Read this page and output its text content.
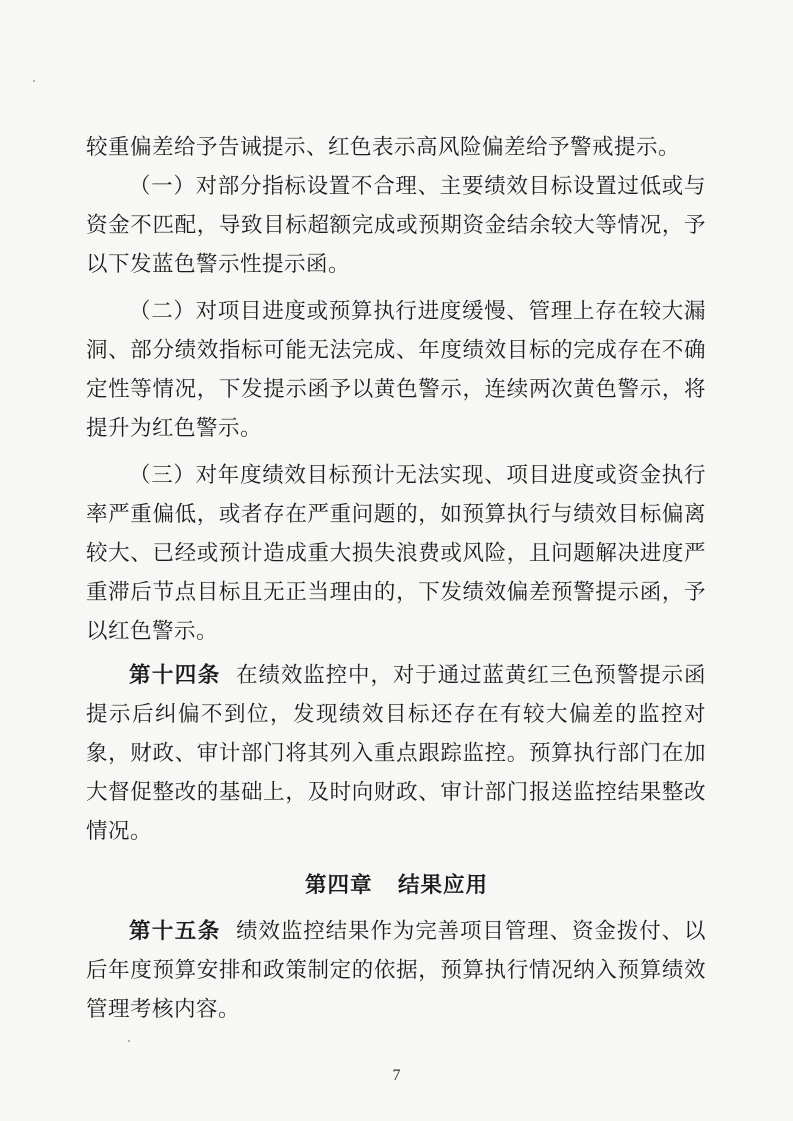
较重偏差给予告诫提示、红色表示高风险偏差给予警戒提示。

（一）对部分指标设置不合理、主要绩效目标设置过低或与资金不匹配，导致目标超额完成或预期资金结余较大等情况，予以下发蓝色警示性提示函。

（二）对项目进度或预算执行进度缓慢、管理上存在较大漏洞、部分绩效指标可能无法完成、年度绩效目标的完成存在不确定性等情况，下发提示函予以黄色警示，连续两次黄色警示，将提升为红色警示。

（三）对年度绩效目标预计无法实现、项目进度或资金执行率严重偏低，或者存在严重问题的，如预算执行与绩效目标偏离较大、已经或预计造成重大损失浪费或风险，且问题解决进度严重滞后节点目标且无正当理由的，下发绩效偏差预警提示函，予以红色警示。

第十四条 在绩效监控中，对于通过蓝黄红三色预警提示函提示后纠偏不到位，发现绩效目标还存在有较大偏差的监控对象，财政、审计部门将其列入重点跟踪监控。预算执行部门在加大督促整改的基础上，及时向财政、审计部门报送监控结果整改情况。

第四章   结果应用

第十五条 绩效监控结果作为完善项目管理、资金拨付、以后年度预算安排和政策制定的依据，预算执行情况纳入预算绩效管理考核内容。

7
